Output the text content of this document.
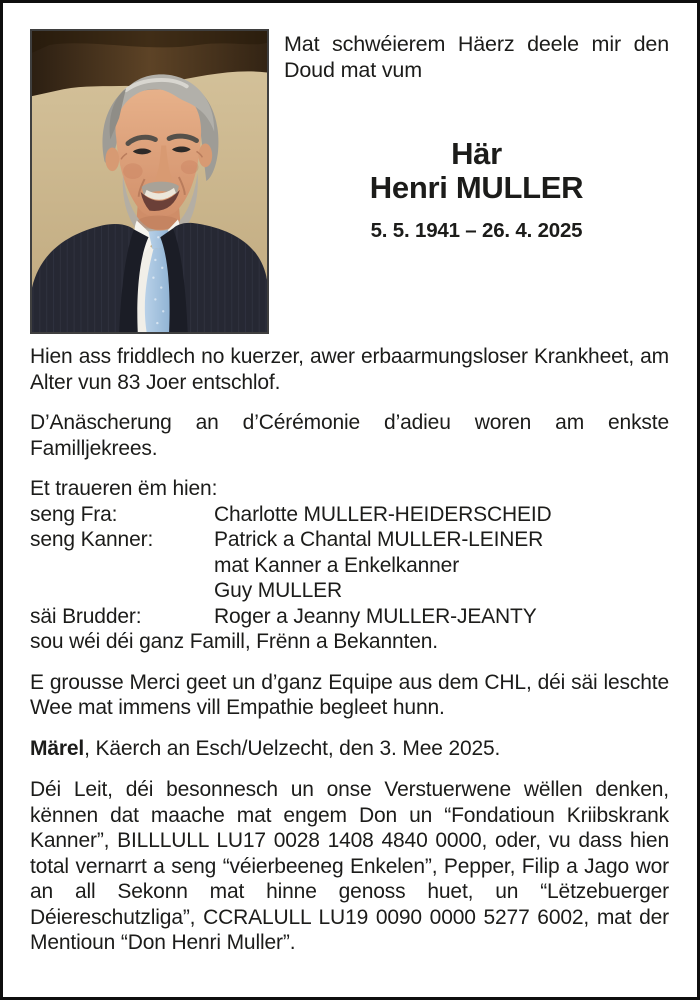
Mat schwéierem Häerz deele mir den
Doud mat vum
Här
Henri MULLER
5. 5. 1941 – 26. 4. 2025

Hien ass friddlech no kuerzer, awer erbaarmungsloser Krankheet, am Alter vun 83 Joer entschlof.

D’Anäscherung an d’Cérémonie d’adieu woren am enkste Familljekrees.

Et traueren ëm hien:
seng Fra:	Charlotte MULLER-HEIDERSCHEID
seng Kanner:	Patrick a Chantal MULLER-LEINER
mat Kanner a Enkelkanner
Guy MULLER
säi Brudder:	Roger a Jeanny MULLER-JEANTY
sou wéi déi ganz Famill, Frënn a Bekannten.

E grousse Merci geet un d’ganz Equipe aus dem CHL, déi säi leschte Wee mat immens vill Empathie begleet hunn.

Märel, Käerch an Esch/Uelzecht, den 3. Mee 2025.

Déi Leit, déi besonnesch un onse Verstuerwene wëllen denken, kënnen dat maache mat engem Don un “Fondatioun Kriibskrank Kanner”, BILLLULL LU17 0028 1408 4840 0000, oder, vu dass hien total vernarrt a seng “véierbeeneg Enkelen”, Pepper, Filip a Jago wor an all Sekonn mat hinne genoss huet, un “Lëtzebuerger Déiereschutzliga”, CCRALULL LU19 0090 0000 5277 6002, mat der Mentioun “Don Henri Muller”.
